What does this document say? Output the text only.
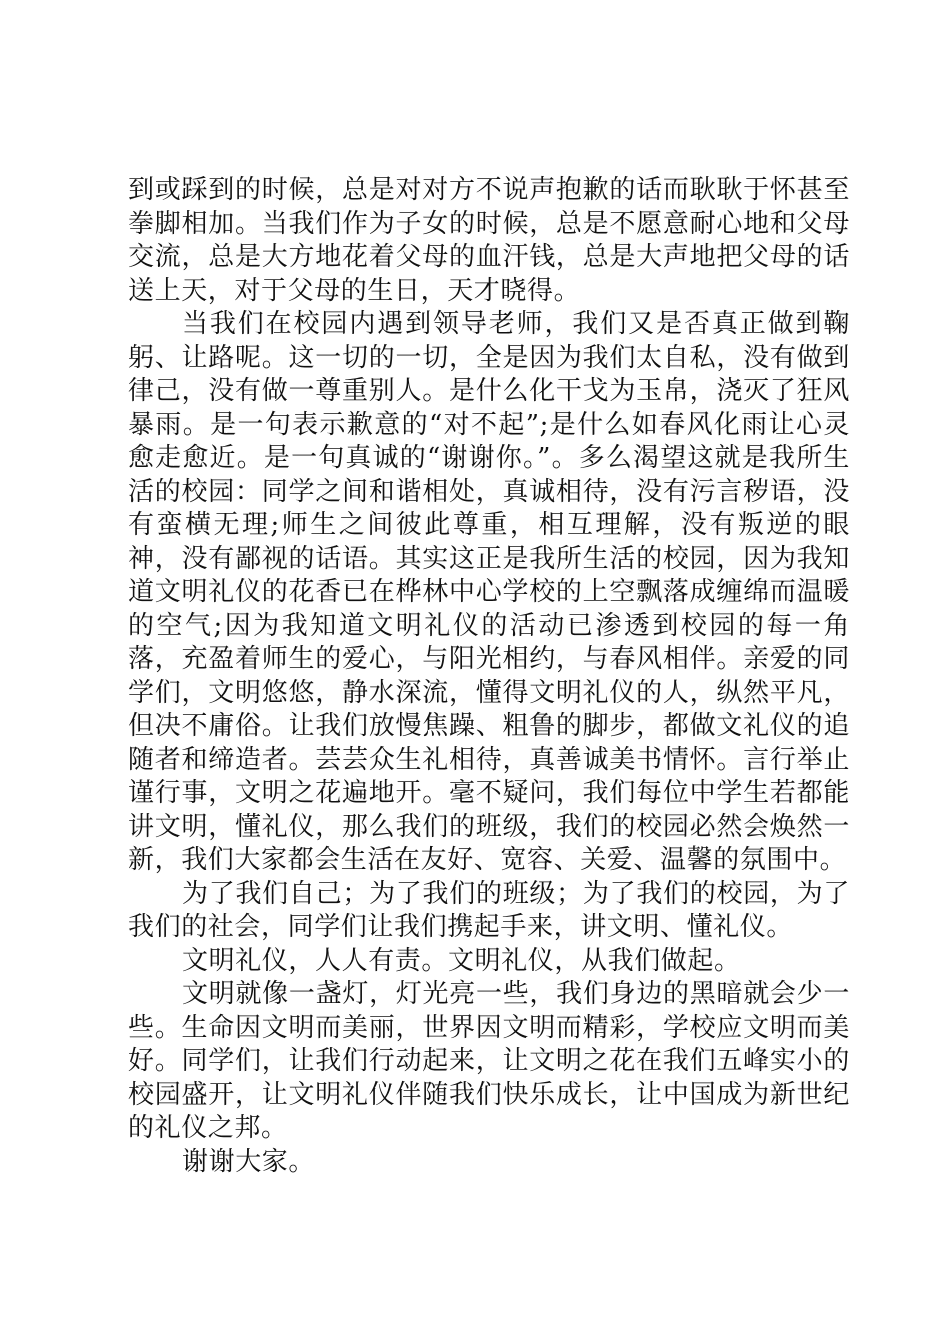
到或踩到的时候，总是对对方不说声抱歉的话而耿耿于怀甚至拳脚相加。当我们作为子女的时候，总是不愿意耐心地和父母交流，总是大方地花着父母的血汗钱，总是大声地把父母的话送上天，对于父母的生日，天才晓得。

当我们在校园内遇到领导老师，我们又是否真正做到鞠躬、让路呢。这一切的一切，全是因为我们太自私，没有做到律己，没有做一尊重别人。是什么化干戈为玉帛，浇灭了狂风暴雨。是一句表示歉意的“对不起”;是什么如春风化雨让心灵愈走愈近。是一句真诚的“谢谢你。”。多么渴望这就是我所生活的校园：同学之间和谐相处，真诚相待，没有污言秽语，没有蛮横无理;师生之间彼此尊重，相互理解，没有叛逆的眼神，没有鄙视的话语。其实这正是我所生活的校园，因为我知道文明礼仪的花香已在桦林中心学校的上空飘落成缠绵而温暖的空气;因为我知道文明礼仪的活动已渗透到校园的每一角落，充盈着师生的爱心，与阳光相约，与春风相伴。亲爱的同学们，文明悠悠，静水深流，懂得文明礼仪的人，纵然平凡，但决不庸俗。让我们放慢焦躁、粗鲁的脚步，都做文礼仪的追随者和缔造者。芸芸众生礼相待，真善诚美书情怀。言行举止谨行事，文明之花遍地开。毫不疑问，我们每位中学生若都能讲文明，懂礼仪，那么我们的班级，我们的校园必然会焕然一新，我们大家都会生活在友好、宽容、关爱、温馨的氛围中。

为了我们自己；为了我们的班级；为了我们的校园，为了我们的社会，同学们让我们携起手来，讲文明、懂礼仪。

文明礼仪，人人有责。文明礼仪，从我们做起。

文明就像一盏灯，灯光亮一些，我们身边的黑暗就会少一些。生命因文明而美丽，世界因文明而精彩，学校应文明而美好。同学们，让我们行动起来，让文明之花在我们五峰实小的校园盛开，让文明礼仪伴随我们快乐成长，让中国成为新世纪的礼仪之邦。

谢谢大家。
